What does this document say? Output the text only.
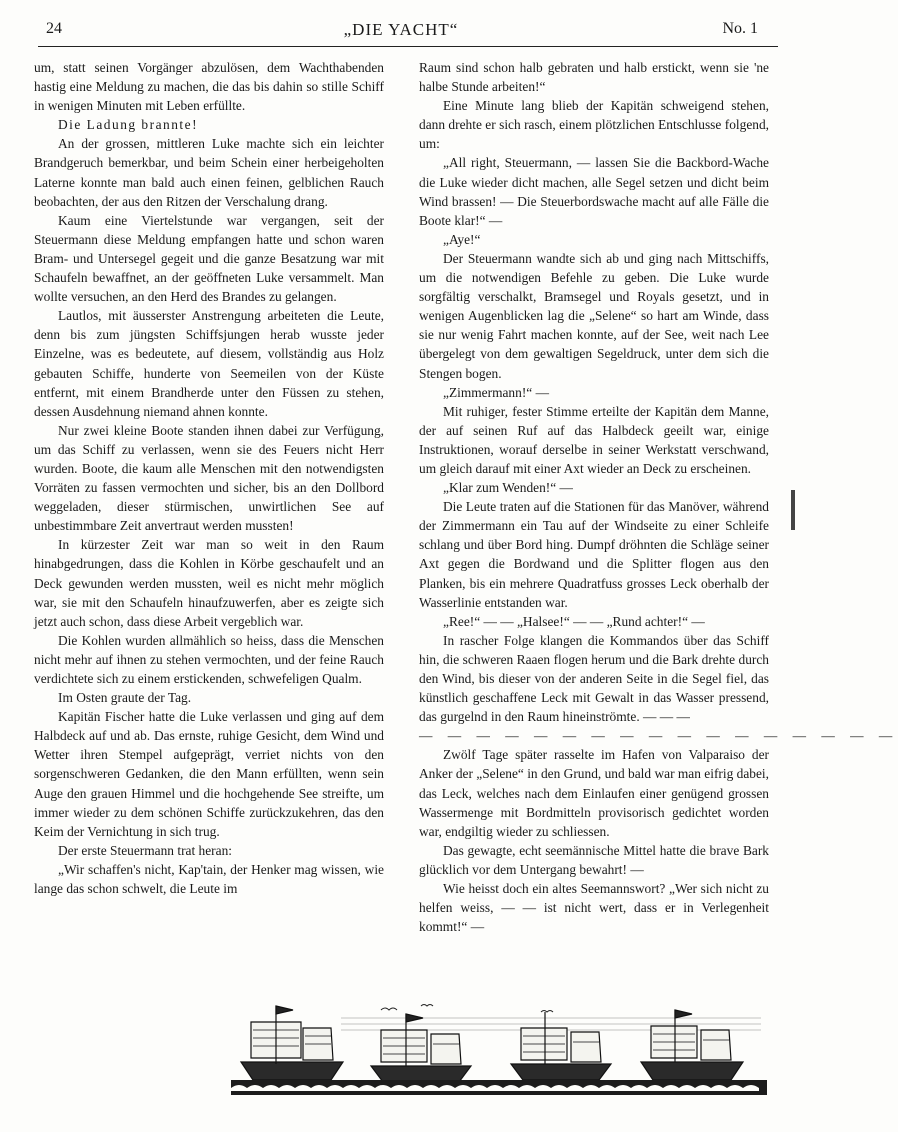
24	„DIE YACHT“	No. 1

um, statt seinen Vorgänger abzulösen, dem Wachthabenden hastig eine Meldung zu machen, die das bis dahin so stille Schiff in wenigen Minuten mit Leben erfüllte.

Die Ladung brannte!

An der grossen, mittleren Luke machte sich ein leichter Brandgeruch bemerkbar, und beim Schein einer herbeigeholten Laterne konnte man bald auch einen feinen, gelblichen Rauch beobachten, der aus den Ritzen der Verschalung drang.

Kaum eine Viertelstunde war vergangen, seit der Steuermann diese Meldung empfangen hatte und schon waren Bram- und Untersegel gegeit und die ganze Besatzung war mit Schaufeln bewaffnet, an der geöffneten Luke versammelt. Man wollte versuchen, an den Herd des Brandes zu gelangen.

Lautlos, mit äusserster Anstrengung arbeiteten die Leute, denn bis zum jüngsten Schiffsjungen herab wusste jeder Einzelne, was es bedeutete, auf diesem, vollständig aus Holz gebauten Schiffe, hunderte von Seemeilen von der Küste entfernt, mit einem Brandherde unter den Füssen zu stehen, dessen Ausdehnung niemand ahnen konnte.

Nur zwei kleine Boote standen ihnen dabei zur Verfügung, um das Schiff zu verlassen, wenn sie des Feuers nicht Herr wurden. Boote, die kaum alle Menschen mit den notwendigsten Vorräten zu fassen vermochten und sicher, bis an den Dollbord weggeladen, dieser stürmischen, unwirtlichen See auf unbestimmbare Zeit anvertraut werden mussten!

In kürzester Zeit war man so weit in den Raum hinabgedrungen, dass die Kohlen in Körbe geschaufelt und an Deck gewunden werden mussten, weil es nicht mehr möglich war, sie mit den Schaufeln hinaufzuwerfen, aber es zeigte sich jetzt auch schon, dass diese Arbeit vergeblich war.

Die Kohlen wurden allmählich so heiss, dass die Menschen nicht mehr auf ihnen zu stehen vermochten, und der feine Rauch verdichtete sich zu einem erstickenden, schwefeligen Qualm.

Im Osten graute der Tag.

Kapitän Fischer hatte die Luke verlassen und ging auf dem Halbdeck auf und ab. Das ernste, ruhige Gesicht, dem Wind und Wetter ihren Stempel aufgeprägt, verriet nichts von den sorgenschweren Gedanken, die den Mann erfüllten, wenn sein Auge den grauen Himmel und die hochgehende See streifte, um immer wieder zu dem schönen Schiffe zurückzukehren, das den Keim der Vernichtung in sich trug.

Der erste Steuermann trat heran:

„Wir schaffen's nicht, Kap'tain, der Henker mag wissen, wie lange das schon schwelt, die Leute im

Raum sind schon halb gebraten und halb erstickt, wenn sie 'ne halbe Stunde arbeiten!“

Eine Minute lang blieb der Kapitän schweigend stehen, dann drehte er sich rasch, einem plötzlichen Entschlusse folgend, um:

„All right, Steuermann, — lassen Sie die Backbord-Wache die Luke wieder dicht machen, alle Segel setzen und dicht beim Wind brassen! — Die Steuerbordswache macht auf alle Fälle die Boote klar!“ —

„Aye!“

Der Steuermann wandte sich ab und ging nach Mittschiffs, um die notwendigen Befehle zu geben. Die Luke wurde sorgfältig verschalkt, Bramsegel und Royals gesetzt, und in wenigen Augenblicken lag die „Selene“ so hart am Winde, dass sie nur wenig Fahrt machen konnte, auf der See, weit nach Lee übergelegt von dem gewaltigen Segeldruck, unter dem sich die Stengen bogen.

„Zimmermann!“ —

Mit ruhiger, fester Stimme erteilte der Kapitän dem Manne, der auf seinen Ruf auf das Halbdeck geeilt war, einige Instruktionen, worauf derselbe in seiner Werkstatt verschwand, um gleich darauf mit einer Axt wieder an Deck zu erscheinen.

„Klar zum Wenden!“ —

Die Leute traten auf die Stationen für das Manöver, während der Zimmermann ein Tau auf der Windseite zu einer Schleife schlang und über Bord hing. Dumpf dröhnten die Schläge seiner Axt gegen die Bordwand und die Splitter flogen aus den Planken, bis ein mehrere Quadratfuss grosses Leck oberhalb der Wasserlinie entstanden war.

„Ree!“ — — „Halsee!“ — — „Rund achter!“ —

In rascher Folge klangen die Kommandos über das Schiff hin, die schweren Raaen flogen herum und die Bark drehte durch den Wind, bis dieser von der anderen Seite in die Segel fiel, das künstlich geschaffene Leck mit Gewalt in das Wasser pressend, das gurgelnd in den Raum hineinströmte. — — —

— — — — — — — — — — — — — — — — —

Zwölf Tage später rasselte im Hafen von Valparaiso der Anker der „Selene“ in den Grund, und bald war man eifrig dabei, das Leck, welches nach dem Einlaufen einer genügend grossen Wassermenge mit Bordmitteln provisorisch gedichtet worden war, endgiltig wieder zu schliessen.

Das gewagte, echt seemännische Mittel hatte die brave Bark glücklich vor dem Untergang bewahrt! —

Wie heisst doch ein altes Seemannswort? „Wer sich nicht zu helfen weiss, — — ist nicht wert, dass er in Verlegenheit kommt!“ —
